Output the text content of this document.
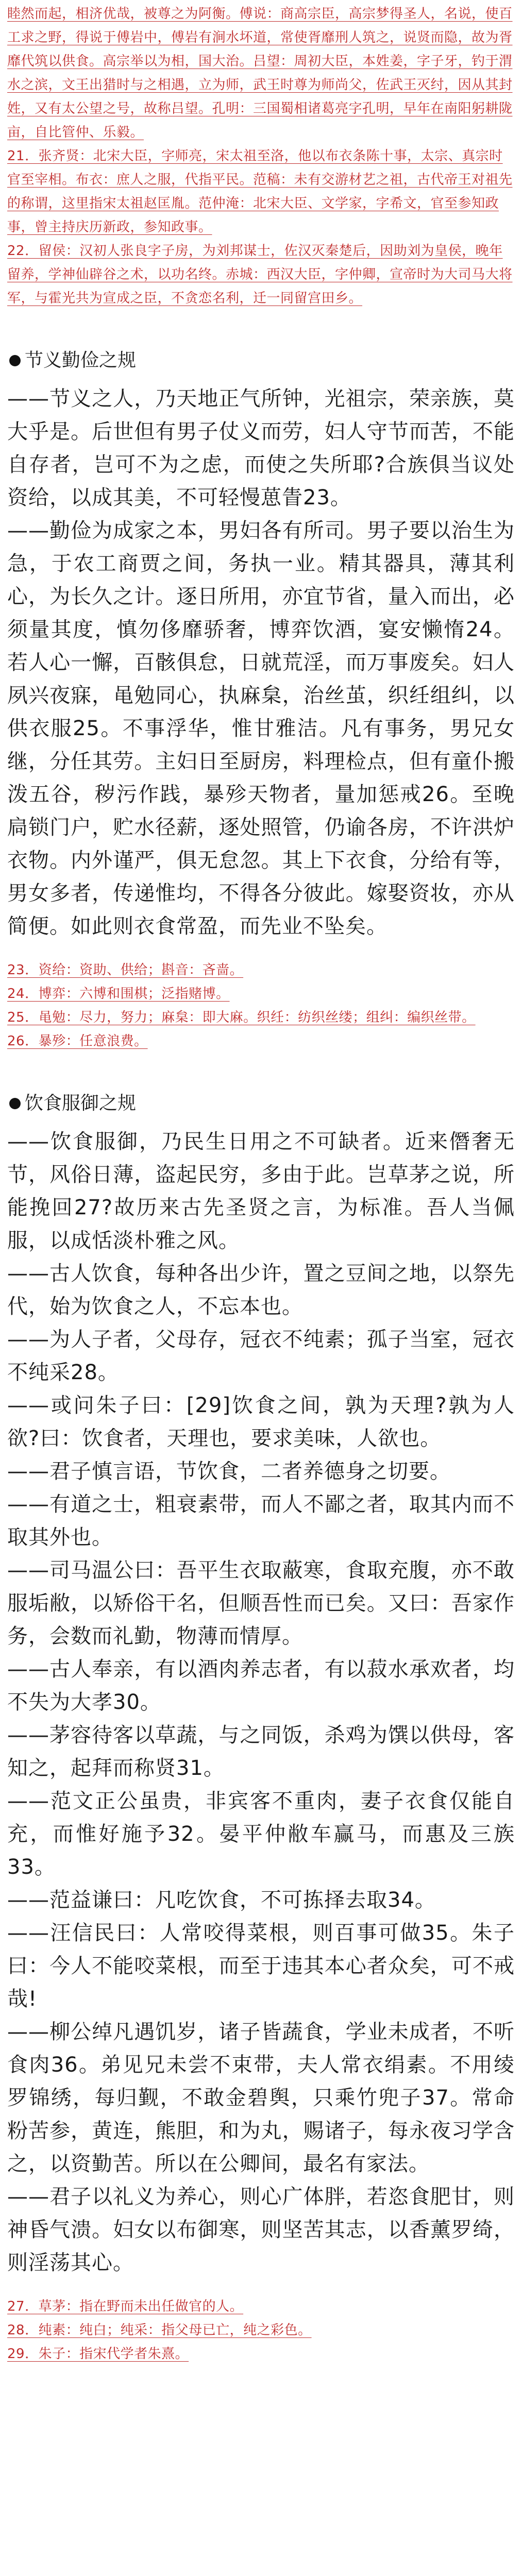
睦然而起，相济优哉，被尊之为阿衡。傅说：商高宗臣，高宗梦得圣人，名说，使百工求之野，得说于傅岩中，傅岩有涧水坏道，常使胥靡刑人筑之，说贤而隐，故为胥靡代筑以供食。高宗举以为相，国大治。吕望：周初大臣，本姓姜，字子牙，钓于渭水之滨，文王出猎时与之相遇，立为师，武王时尊为师尚父，佐武王灭纣，因从其封姓，又有太公望之号，故称吕望。孔明：三国蜀相诸葛亮字孔明，早年在南阳躬耕陇亩，自比管仲、乐毅。

21．张齐贤：北宋大臣，字师亮，宋太祖至洛，他以布衣条陈十事，太宗、真宗时官至宰相。布衣：庶人之服，代指平民。范稿：未有交游材艺之祖，古代帝王对祖先的称谓，这里指宋太祖赵匡胤。范仲淹：北宋大臣、文学家，字希文，官至参知政事，曾主持庆历新政，参知政事。

22．留侯：汉初人张良字子房，为刘邦谋士，佐汉灭秦楚后，因助刘为皇侯，晚年留养，学神仙辟谷之术，以功名终。赤城：西汉大臣，字仲卿，宣帝时为大司马大将军，与霍光共为宣成之臣，不贪恋名利，迁一同留宫田乡。

节义勤俭之规

——节义之人，乃天地正气所钟，光祖宗，荣亲族，莫大乎是。后世但有男子仗义而劳，妇人守节而苦，不能自存者，岂可不为之虑，而使之失所耶?合族俱当议处资给，以成其美，不可轻慢葸眚23。

——勤俭为成家之本，男妇各有所司。男子要以治生为急，于农工商贾之间，务执一业。精其器具，薄其利心，为长久之计。逐日所用，亦宜节省，量入而出，必须量其度，慎勿侈靡骄奢，博弈饮酒，宴安懒惰24。若人心一懈，百骸俱怠，日就荒淫，而万事废矣。妇人夙兴夜寐，黾勉同心，执麻枲，治丝茧，织纴组纠，以供衣服25。不事浮华，惟甘雅洁。凡有事务，男兄女继，分任其劳。主妇日至厨房，料理检点，但有童仆搬泼五谷，秽污作践，暴殄天物者，量加惩戒26。至晚扃锁门户，贮水径薪，逐处照管，仍谕各房，不许洪炉衣物。内外谨严，俱无怠忽。其上下衣食，分给有等，男女多者，传递惟均，不得各分彼此。嫁娶资妆，亦从简便。如此则衣食常盈，而先业不坠矣。

23．资给：资助、供给；斟音：吝啬。

24．博弈：六博和围棋；泛指赌博。

25．黾勉：尽力，努力；麻枲：即大麻。织纴：纺织丝缕；组纠：编织丝带。

26．暴殄：任意浪费。

饮食服御之规

——饮食服御，乃民生日用之不可缺者。近来僭奢无节，风俗日薄，盗起民穷，多由于此。岂草茅之说，所能挽回27?故历来古先圣贤之言，为标准。吾人当佩服，以成恬淡朴雅之风。

——古人饮食，每种各出少许，置之豆间之地，以祭先代，始为饮食之人，不忘本也。

——为人子者，父母存，冠衣不纯素；孤子当室，冠衣不纯采28。

——或问朱子曰：[29]饮食之间，孰为天理?孰为人欲?曰：饮食者，天理也，要求美味，人欲也。

——君子慎言语，节饮食，二者养德身之切要。

——有道之士，粗衰素带，而人不鄙之者，取其内而不取其外也。

——司马温公曰：吾平生衣取蔽寒，食取充腹，亦不敢服垢敝，以矫俗干名，但顺吾性而已矣。又曰：吾家作务，会数而礼勤，物薄而情厚。

——古人奉亲，有以酒肉养志者，有以菽水承欢者，均不失为大孝30。

——茅容待客以草蔬，与之同饭，杀鸡为馔以供母，客知之，起拜而称贤31。

——范文正公虽贵，非宾客不重肉，妻子衣食仅能自充，而惟好施予32。晏平仲敝车赢马，而惠及三族33。

——范益谦曰：凡吃饮食，不可拣择去取34。

——汪信民曰：人常咬得菜根，则百事可做35。朱子曰：今人不能咬菜根，而至于违其本心者众矣，可不戒哉!

——柳公绰凡遇饥岁，诸子皆蔬食，学业未成者，不听食肉36。弟见兄未尝不束带，夫人常衣绢素。不用绫罗锦绣，每归觐，不敢金碧舆，只乘竹兜子37。常命粉苦参，黄连，熊胆，和为丸，赐诸子，每永夜习学含之，以资勤苦。所以在公卿间，最名有家法。

——君子以礼义为养心，则心广体胖，若恣食肥甘，则神昏气溃。妇女以布御寒，则坚苦其志，以香薰罗绮，则淫荡其心。

27．草茅：指在野而未出任做官的人。

28．纯素：纯白；纯采：指父母已亡，纯之彩色。

29．朱子：指宋代学者朱熹。
